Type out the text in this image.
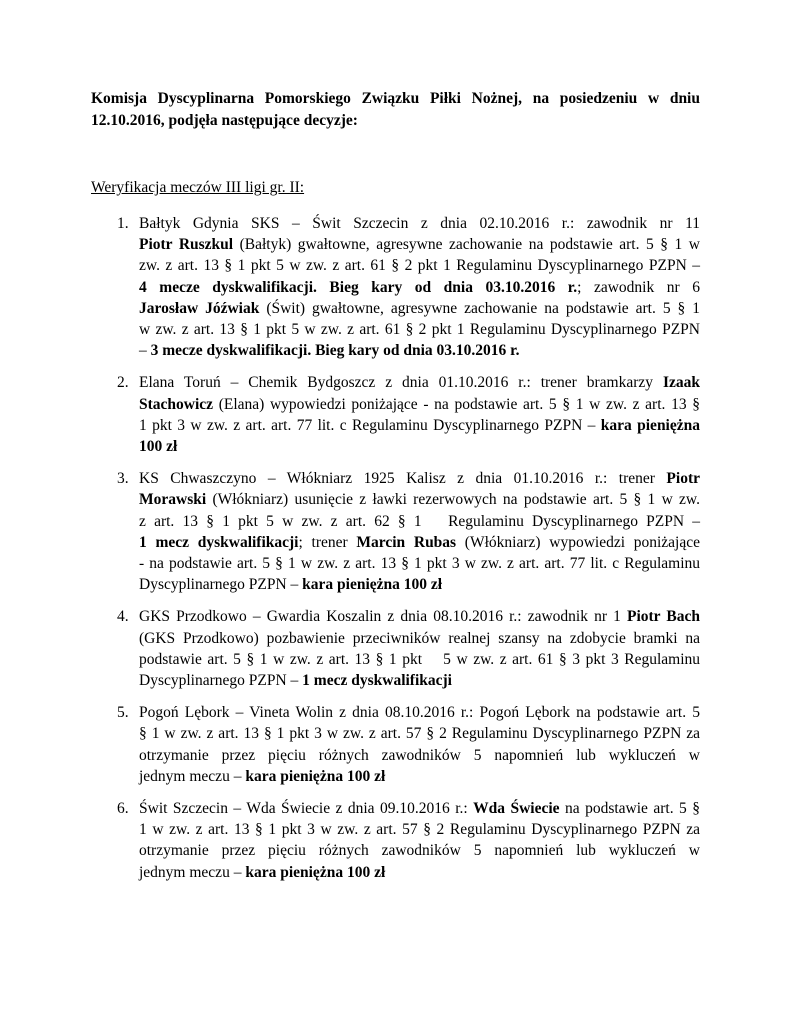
Komisja Dyscyplinarna Pomorskiego Związku Piłki Nożnej, na posiedzeniu w dniu
12.10.2016, podjęła następujące decyzje:
Weryfikacja meczów III ligi gr. II:
1. Bałtyk Gdynia SKS – Świt Szczecin z dnia 02.10.2016 r.: zawodnik nr 11
Piotr Ruszkul (Bałtyk) gwałtowne, agresywne zachowanie na podstawie art. 5 § 1 w
zw. z art. 13 § 1 pkt 5 w zw. z art. 61 § 2 pkt 1 Regulaminu Dyscyplinarnego PZPN –
4 mecze dyskwalifikacji. Bieg kary od dnia 03.10.2016 r.; zawodnik nr 6
Jarosław Jóźwiak (Świt) gwałtowne, agresywne zachowanie na podstawie art. 5 § 1
w zw. z art. 13 § 1 pkt 5 w zw. z art. 61 § 2 pkt 1 Regulaminu Dyscyplinarnego PZPN
– 3 mecze dyskwalifikacji. Bieg kary od dnia 03.10.2016 r.
2. Elana Toruń – Chemik Bydgoszcz z dnia 01.10.2016 r.: trener bramkarzy Izaak
Stachowicz (Elana) wypowiedzi poniżające - na podstawie art. 5 § 1 w zw. z art. 13 §
1 pkt 3 w zw. z art. art. 77 lit. c Regulaminu Dyscyplinarnego PZPN – kara pieniężna
100 zł
3. KS Chwaszczyno – Włókniarz 1925 Kalisz z dnia 01.10.2016 r.: trener Piotr
Morawski (Włókniarz) usunięcie z ławki rezerwowych na podstawie art. 5 § 1 w zw.
z art. 13 § 1 pkt 5 w zw. z art. 62 § 1 Regulaminu Dyscyplinarnego PZPN –
1 mecz dyskwalifikacji; trener Marcin Rubas (Włókniarz) wypowiedzi poniżające
- na podstawie art. 5 § 1 w zw. z art. 13 § 1 pkt 3 w zw. z art. art. 77 lit. c Regulaminu
Dyscyplinarnego PZPN – kara pieniężna 100 zł
4. GKS Przodkowo – Gwardia Koszalin z dnia 08.10.2016 r.: zawodnik nr 1 Piotr Bach
(GKS Przodkowo) pozbawienie przeciwników realnej szansy na zdobycie bramki na
podstawie art. 5 § 1 w zw. z art. 13 § 1 pkt 5 w zw. z art. 61 § 3 pkt 3 Regulaminu
Dyscyplinarnego PZPN – 1 mecz dyskwalifikacji
5. Pogoń Lębork – Vineta Wolin z dnia 08.10.2016 r.: Pogoń Lębork na podstawie art. 5
§ 1 w zw. z art. 13 § 1 pkt 3 w zw. z art. 57 § 2 Regulaminu Dyscyplinarnego PZPN za
otrzymanie przez pięciu różnych zawodników 5 napomnień lub wykluczeń w
jednym meczu – kara pieniężna 100 zł
6. Świt Szczecin – Wda Świecie z dnia 09.10.2016 r.: Wda Świecie na podstawie art. 5 §
1 w zw. z art. 13 § 1 pkt 3 w zw. z art. 57 § 2 Regulaminu Dyscyplinarnego PZPN za
otrzymanie przez pięciu różnych zawodników 5 napomnień lub wykluczeń w
jednym meczu – kara pieniężna 100 zł
